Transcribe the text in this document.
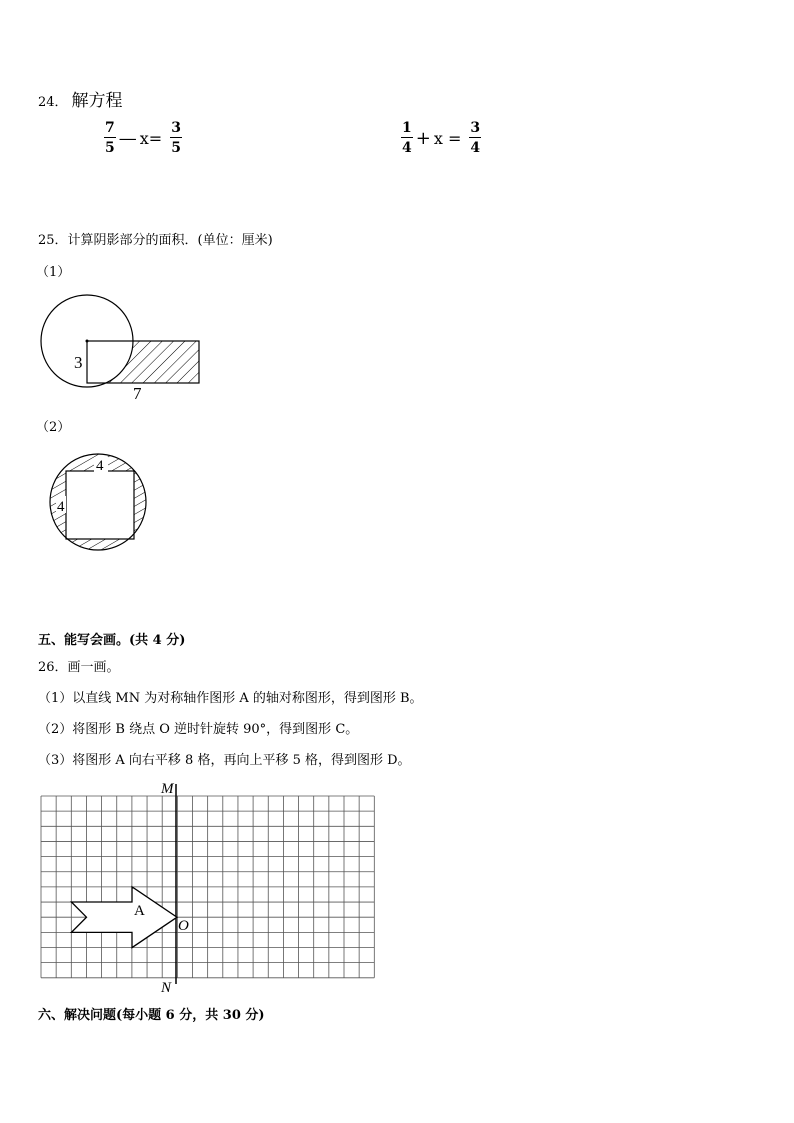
24． 解方程
$\frac{7}{5}$ — $x= \frac{3}{5}$	$\frac{1}{4} + x = \frac{3}{4}$
25．计算阴影部分的面积．(单位：厘米)
（1）
3
7
（2）
4
4
五、能写会画。(共 4 分)
26．画一画。
（1）以直线 MN 为对称轴作图形 A 的轴对称图形，得到图形 B。
（2）将图形 B 绕点 O 逆时针旋转 90°，得到图形 C。
（3）将图形 A 向右平移 8 格，再向上平移 5 格，得到图形 D。
M
N
O
A
六、解决问题(每小题 6 分，共 30 分)
